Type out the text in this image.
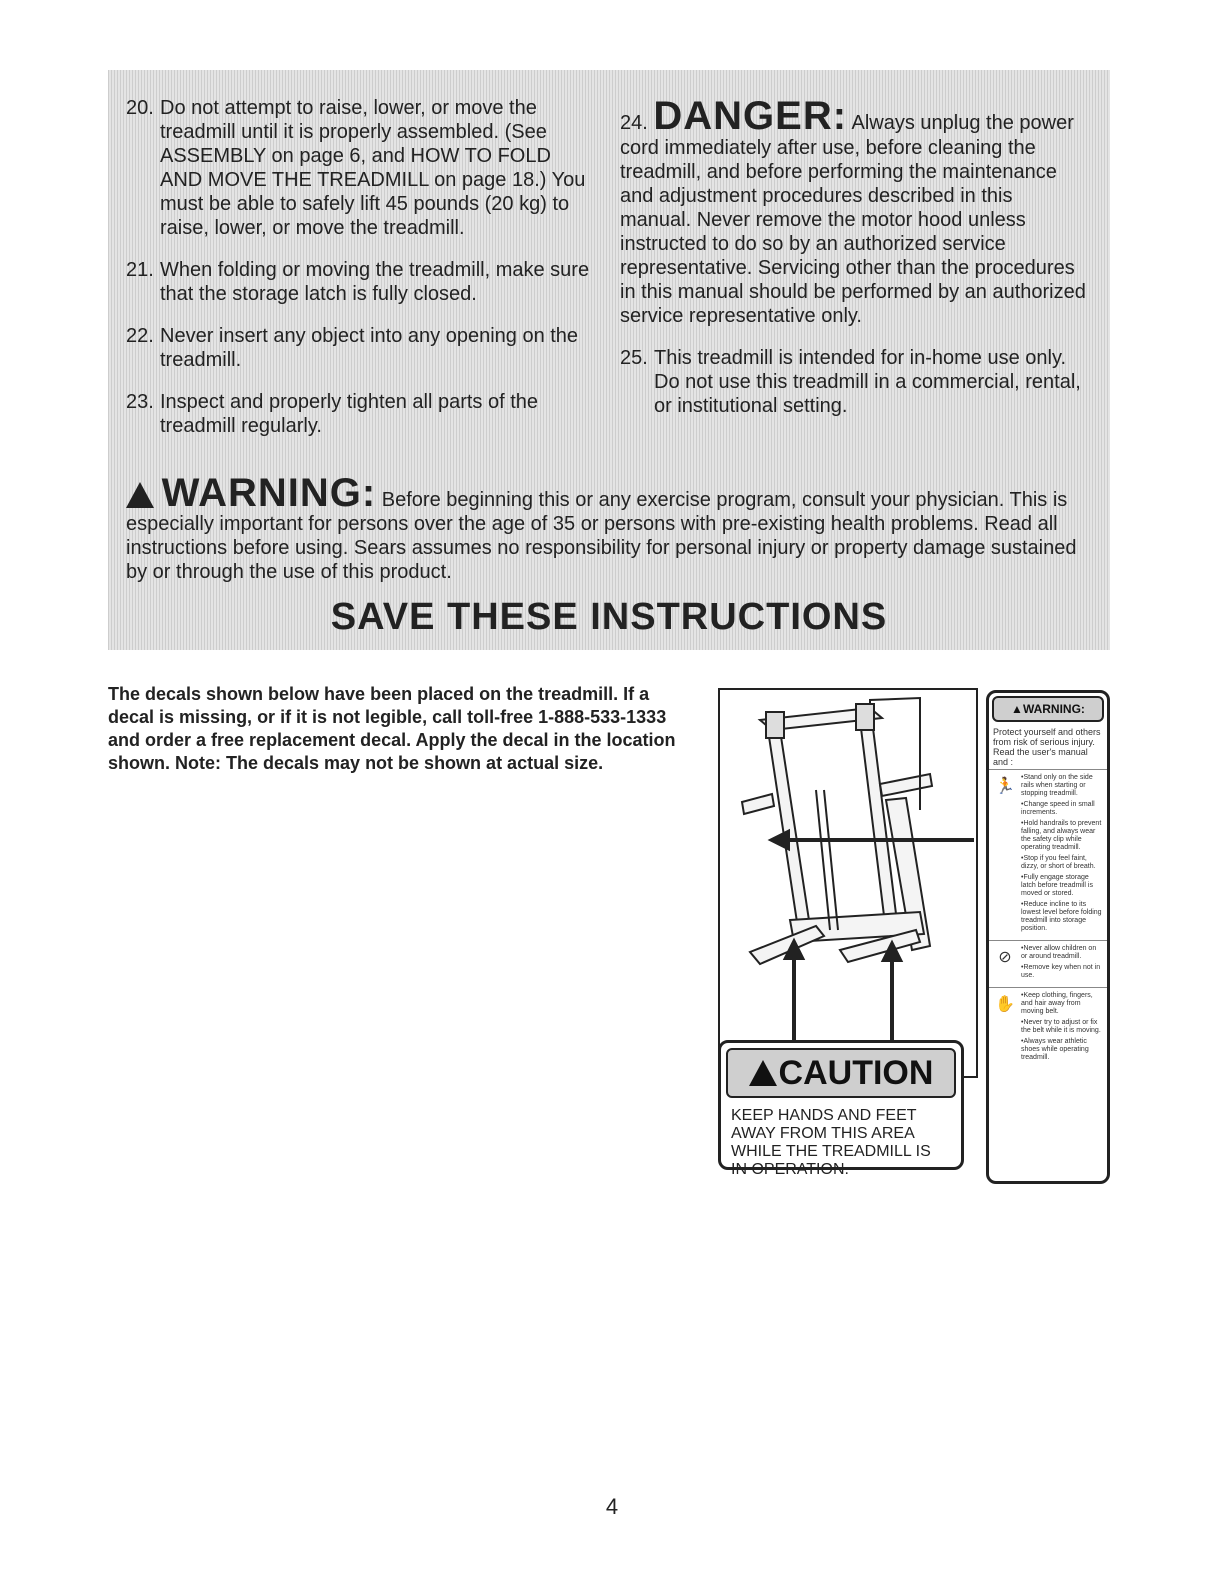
20. Do not attempt to raise, lower, or move the treadmill until it is properly assembled. (See ASSEMBLY on page 6, and HOW TO FOLD AND MOVE THE TREADMILL on page 18.) You must be able to safely lift 45 pounds (20 kg) to raise, lower, or move the treadmill.
21. When folding or moving the treadmill, make sure that the storage latch is fully closed.
22. Never insert any object into any opening on the treadmill.
23. Inspect and properly tighten all parts of the treadmill regularly.
24. DANGER: Always unplug the power cord immediately after use, before cleaning the treadmill, and before performing the maintenance and adjustment procedures described in this manual. Never remove the motor hood unless instructed to do so by an authorized service representative. Servicing other than the procedures in this manual should be performed by an authorized service representative only.
25. This treadmill is intended for in-home use only. Do not use this treadmill in a commercial, rental, or institutional setting.
WARNING: Before beginning this or any exercise program, consult your physician. This is especially important for persons over the age of 35 or persons with pre-existing health problems. Read all instructions before using. Sears assumes no responsibility for personal injury or property damage sustained by or through the use of this product.
SAVE THESE INSTRUCTIONS
The decals shown below have been placed on the treadmill. If a decal is missing, or if it is not legible, call toll-free 1-888-533-1333 and order a free replacement decal. Apply the decal in the location shown. Note: The decals may not be shown at actual size.
CAUTION
KEEP HANDS AND FEET AWAY FROM THIS AREA WHILE THE TREADMILL IS IN OPERATION.
▲WARNING:
Protect yourself and others from risk of serious injury. Read the user's manual and :
🏃
•Stand only on the side rails when starting or stopping treadmill.
•Change speed in small increments.
•Hold handrails to prevent falling, and always wear the safety clip while operating treadmill.
•Stop if you feel faint, dizzy, or short of breath.
•Fully engage storage latch before treadmill is moved or stored.
•Reduce incline to its lowest level before folding treadmill into storage position.
⊘
•Never allow children on or around treadmill.
•Remove key when not in use.
✋
•Keep clothing, fingers, and hair away from moving belt.
•Never try to adjust or fix the belt while it is moving.
•Always wear athletic shoes while operating treadmill.
4
